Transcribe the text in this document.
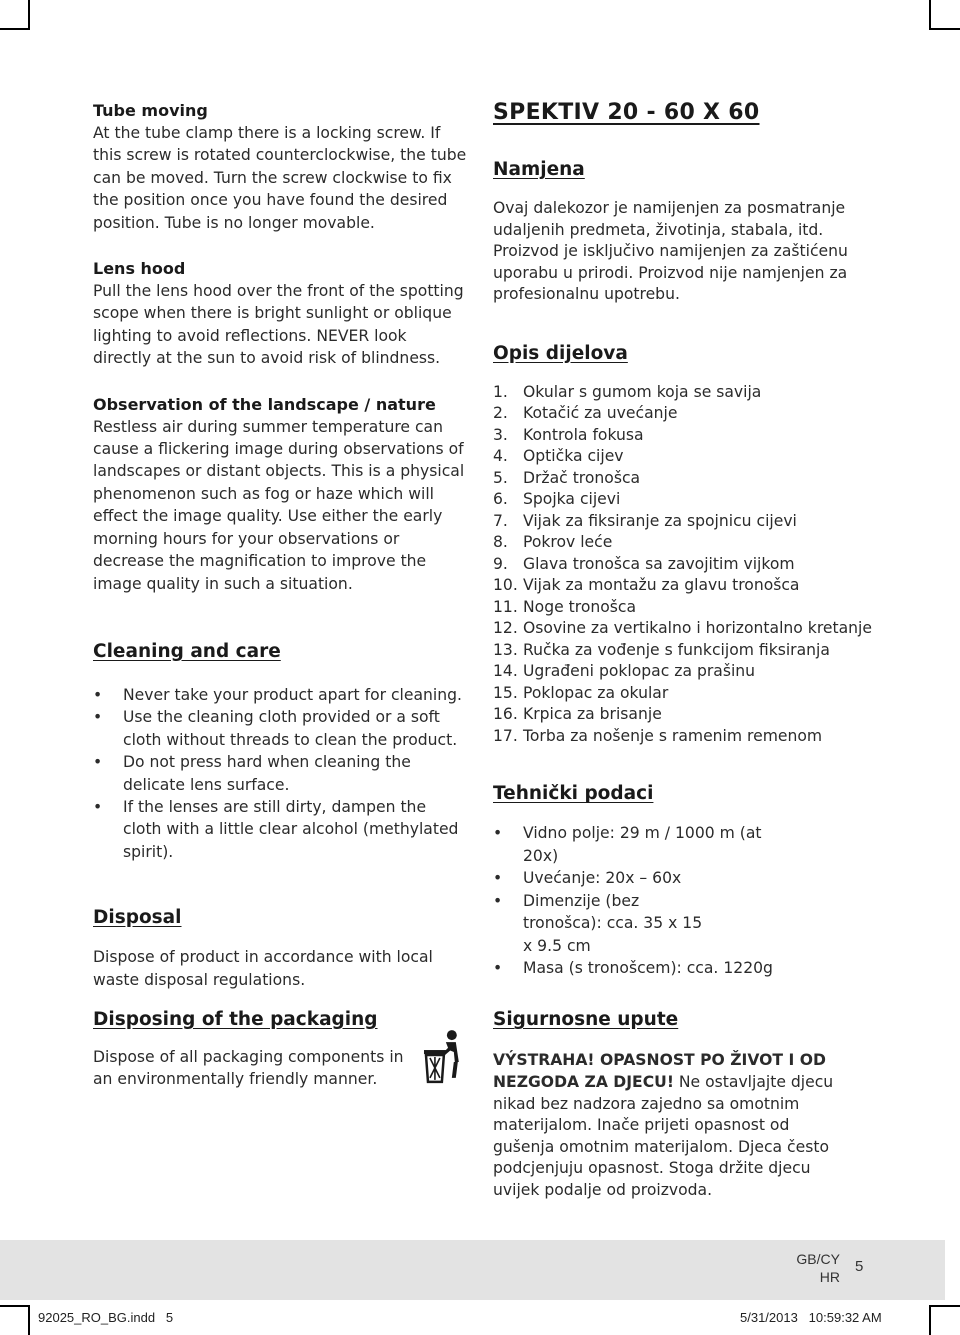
Tube moving

At the tube clamp there is a locking screw. If this screw is rotated counterclockwise, the tube can be moved. Turn the screw clockwise to fix the position once you have found the desired position. Tube is no longer movable.

Lens hood

Pull the lens hood over the front of the spotting scope when there is bright sunlight or oblique lighting to avoid reflections. NEVER look directly at the sun to avoid risk of blindness.

Observation of the landscape / nature

Restless air during summer temperature can cause a flickering image during observations of landscapes or distant objects. This is a physical phenomenon such as fog or haze which will effect the image quality. Use either the early morning hours for your observations or decrease the magnification to improve the image quality in such a situation.

Cleaning and care
• Never take your product apart for cleaning.
• Use the cleaning cloth provided or a soft cloth without threads to clean the product.
• Do not press hard when cleaning the delicate lens surface.
• If the lenses are still dirty, dampen the cloth with a little clear alcohol (methylated spirit).
Disposal

Dispose of product in accordance with local waste disposal regulations.

Disposing of the packaging

Dispose of all packaging components in an environmentally friendly manner.

SPEKTIV 20 - 60 X 60
Namjena

Ovaj dalekozor je namijenjen za posmatranje udaljenih predmeta, životinja, stabala, itd. Proizvod je isključivo namijenjen za zaštićenu uporabu u prirodi. Proizvod nije namjenjen za profesionalnu upotrebu.

Opis dijelova
1. Okular s gumom koja se savija
2. Kotačić za uvećanje
3. Kontrola fokusa
4. Optička cijev
5. Držač tronošca
6. Spojka cijevi
7. Vijak za fiksiranje za spojnicu cijevi
8. Pokrov leće
9. Glava tronošca sa zavojitim vijkom
10. Vijak za montažu za glavu tronošca
11. Noge tronošca
12. Osovine za vertikalno i horizontalno kretanje
13. Ručka za vođenje s funkcijom fiksiranja
14. Ugrađeni poklopac za prašinu
15. Poklopac za okular
16. Krpica za brisanje
17. Torba za nošenje s ramenim remenom
Tehnički podaci
• Vidno polje: 29 m / 1000 m (at 20x)
• Uvećanje: 20x – 60x
• Dimenzije (bez tronošca): cca. 35 x 15 x 9.5 cm
• Masa (s tronošcem): cca. 1220g
Sigurnosne upute

VÝSTRAHA! OPASNOST PO ŽIVOT I OD NEZGODA ZA DJECU! Ne ostavljajte djecu nikad bez nadzora zajedno sa omotnim materijalom. Inače prijeti opasnost od gušenja omotnim materijalom. Djeca često podcjenjuju opasnost. Stoga držite djecu uvijek podalje od proizvoda.

GB/CY
HR
5
92025_RO_BG.indd   5	5/31/2013   10:59:32 AM
